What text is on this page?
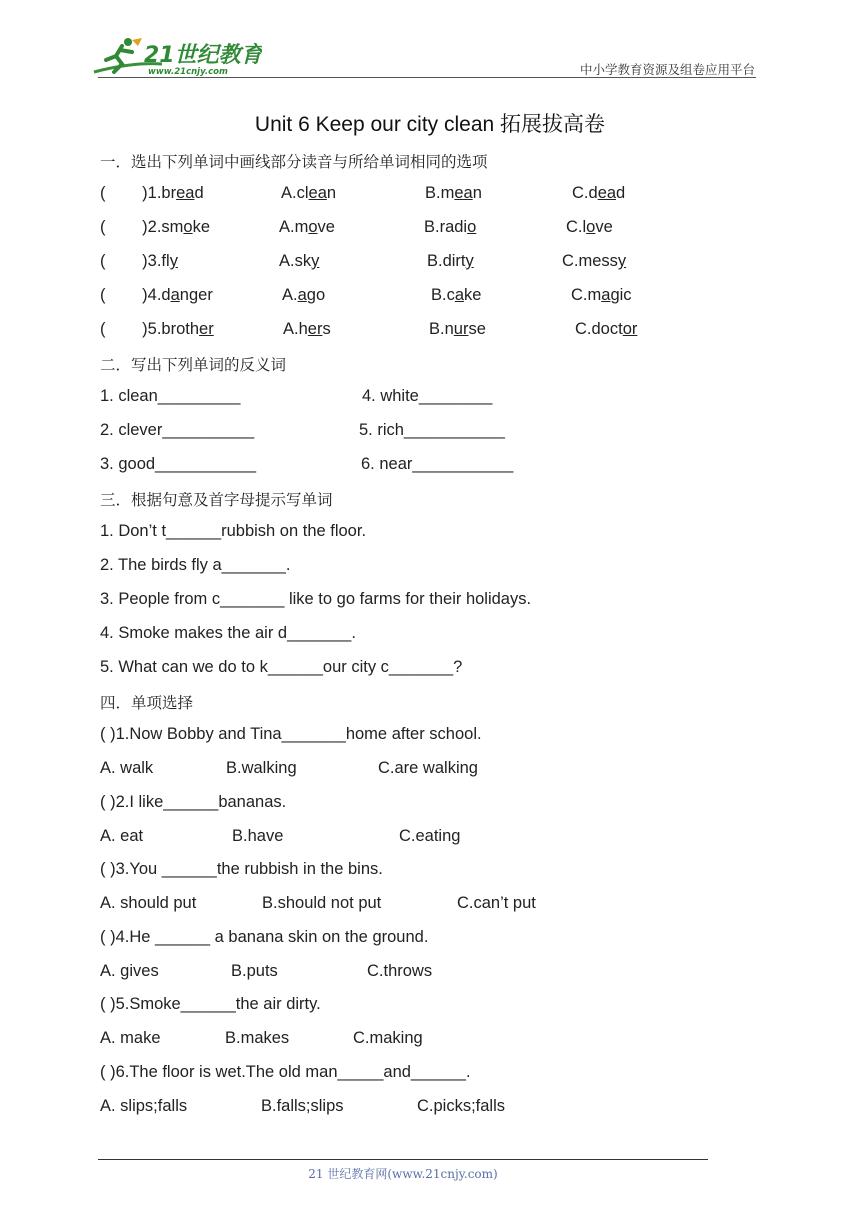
21世纪教育
www.21cnjy.com	中小学教育资源及组卷应用平台
Unit 6 Keep our city clean 拓展拔高卷
一．选出下列单词中画线部分读音与所给单词相同的选项
(        )1.bread	A.clean	B.mean	C.dead
(        )2.smoke	A.move	B.radio	C.love
(        )3.fly	A.sky	B.dirty	C.messy
(        )4.danger	A.ago	B.cake	C.magic
(        )5.brother	A.hers	B.nurse	C.doctor
二．写出下列单词的反义词
1. clean_________	4. white________
2. clever__________	5. rich___________
3. good___________	6. near___________
三．根据句意及首字母提示写单词
1. Don’t t______rubbish on the floor.
2. The birds fly a_______.
3. People from c_______ like to go farms for their holidays.
4. Smoke makes the air d_______.
5. What can we do to k______our city c_______?
四．单项选择
( )1.Now Bobby and Tina_______home after school.
A. walk	B.walking	C.are walking
( )2.I like______bananas.
A. eat	B.have	C.eating
( )3.You ______the rubbish in the bins.
A. should put	B.should not put	C.can’t put
( )4.He ______ a banana skin on the ground.
A. gives	B.puts	C.throws
( )5.Smoke______the air dirty.
A. make	B.makes	C.making
( )6.The floor is wet.The old man_____and______.
A. slips;falls	B.falls;slips	C.picks;falls
21 世纪教育网(www.21cnjy.com)
